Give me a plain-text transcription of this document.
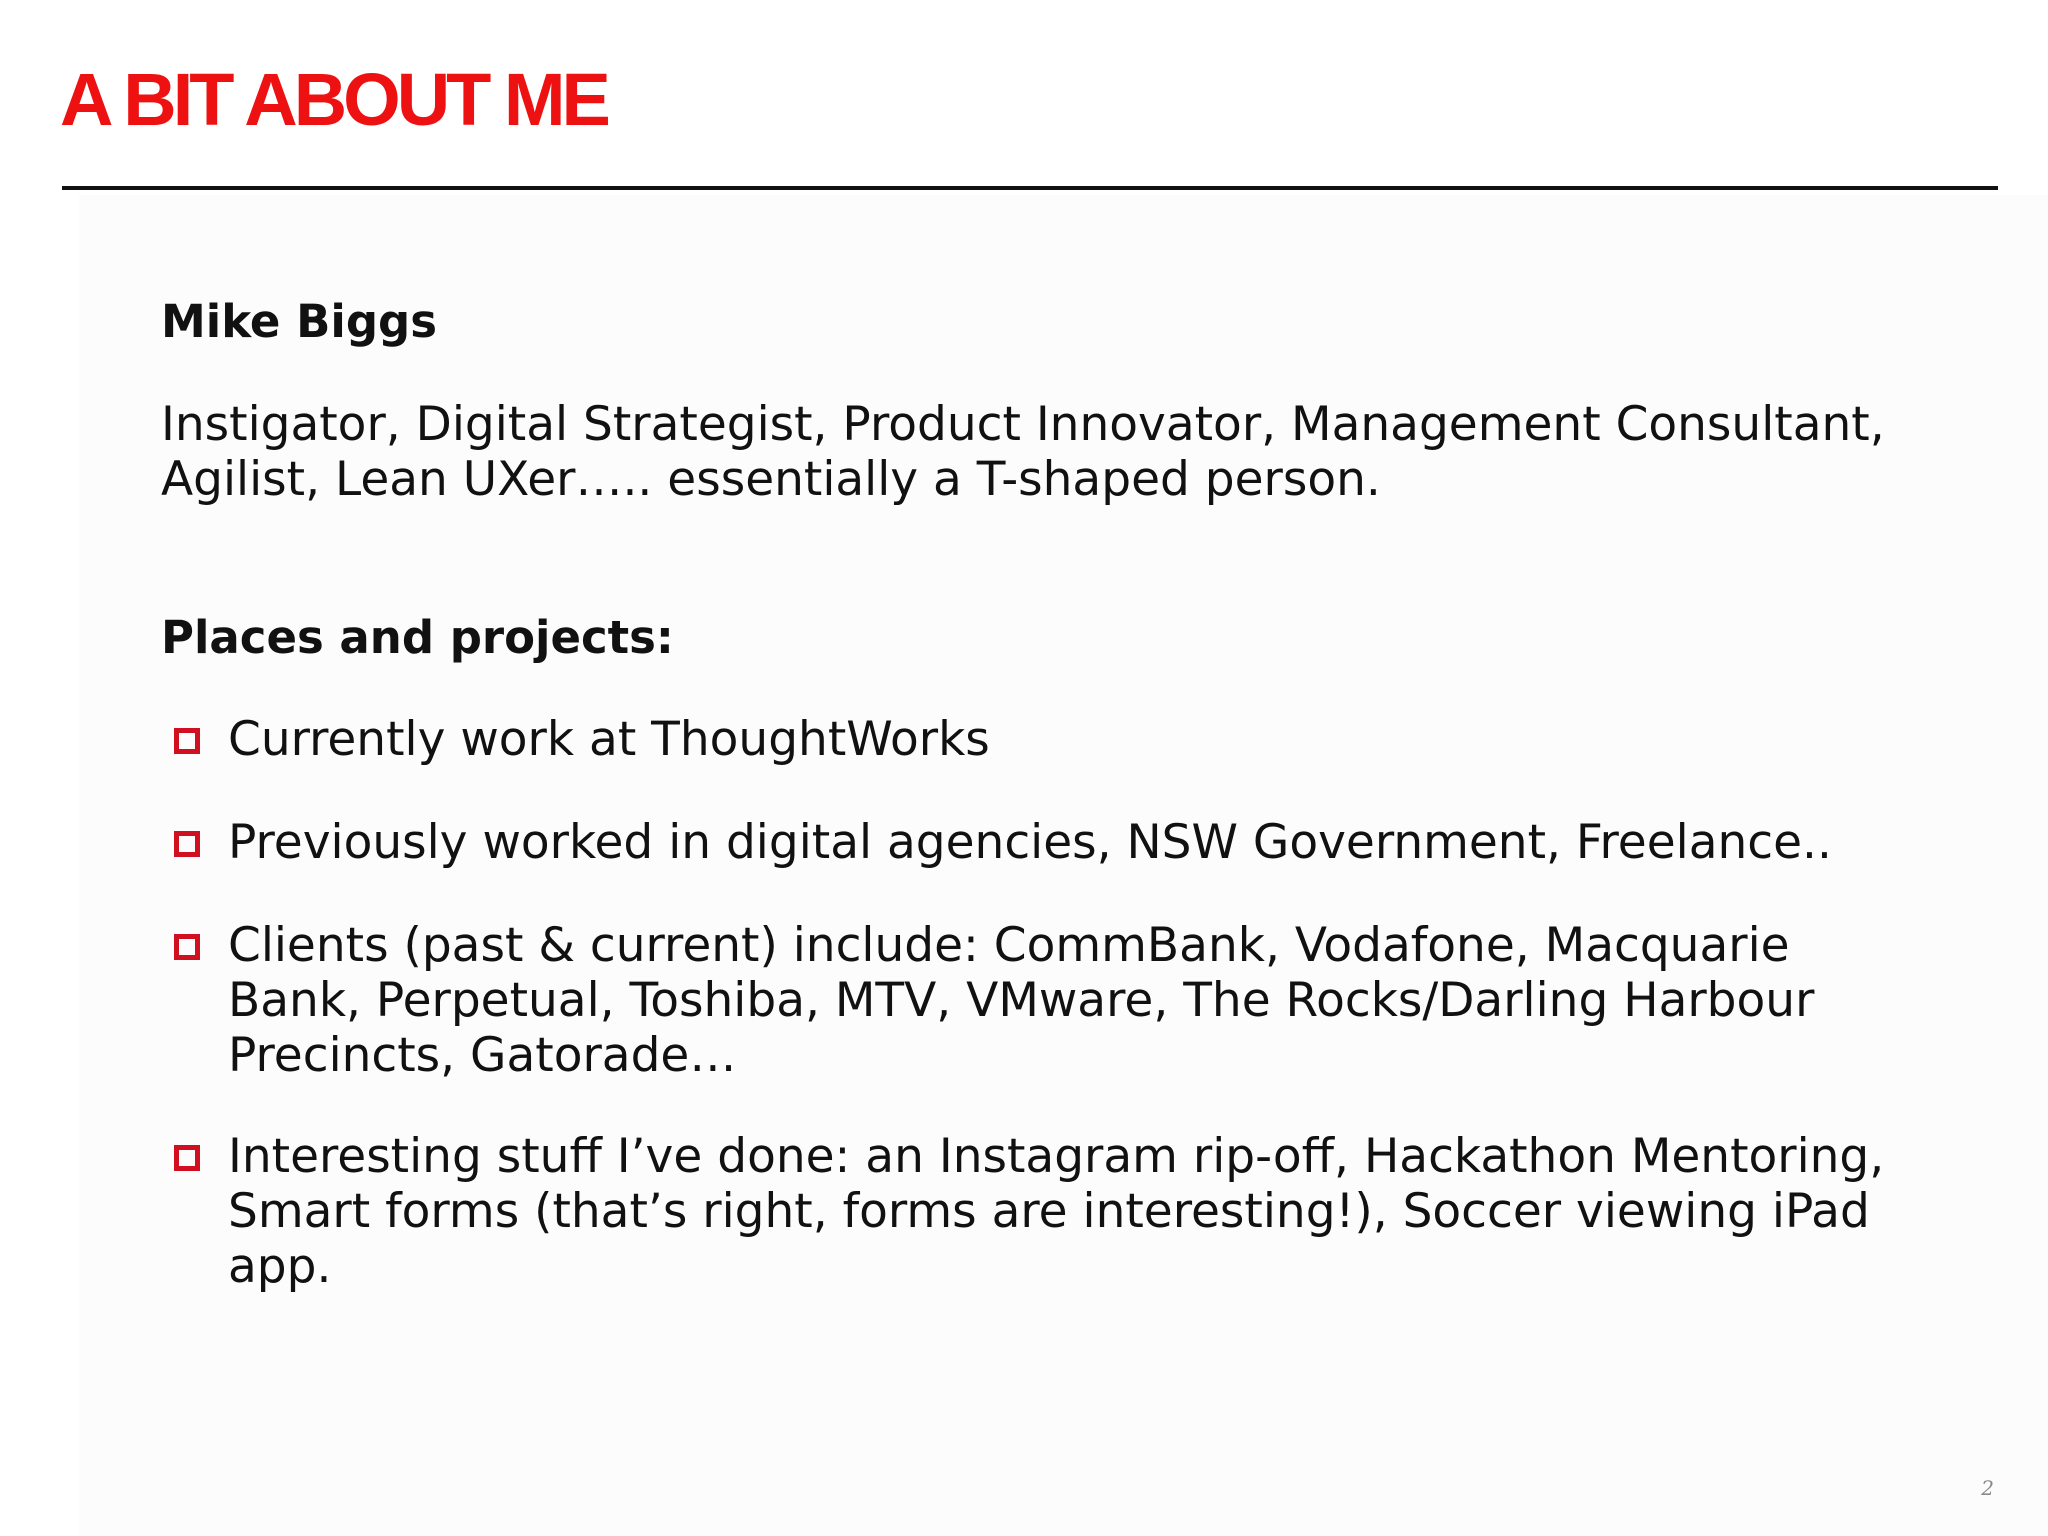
A BIT ABOUT ME
Mike Biggs
Instigator, Digital Strategist, Product Innovator, Management Consultant, Agilist, Lean UXer….. essentially a T-shaped person.
Places and projects:
Currently work at ThoughtWorks
Previously worked in digital agencies, NSW Government, Freelance..
Clients (past & current) include: CommBank, Vodafone, Macquarie Bank, Perpetual, Toshiba, MTV, VMware, The Rocks/Darling Harbour Precincts, Gatorade…
Interesting stuff I’ve done: an Instagram rip-off, Hackathon Mentoring, Smart forms (that’s right, forms are interesting!), Soccer viewing iPad app.
2
